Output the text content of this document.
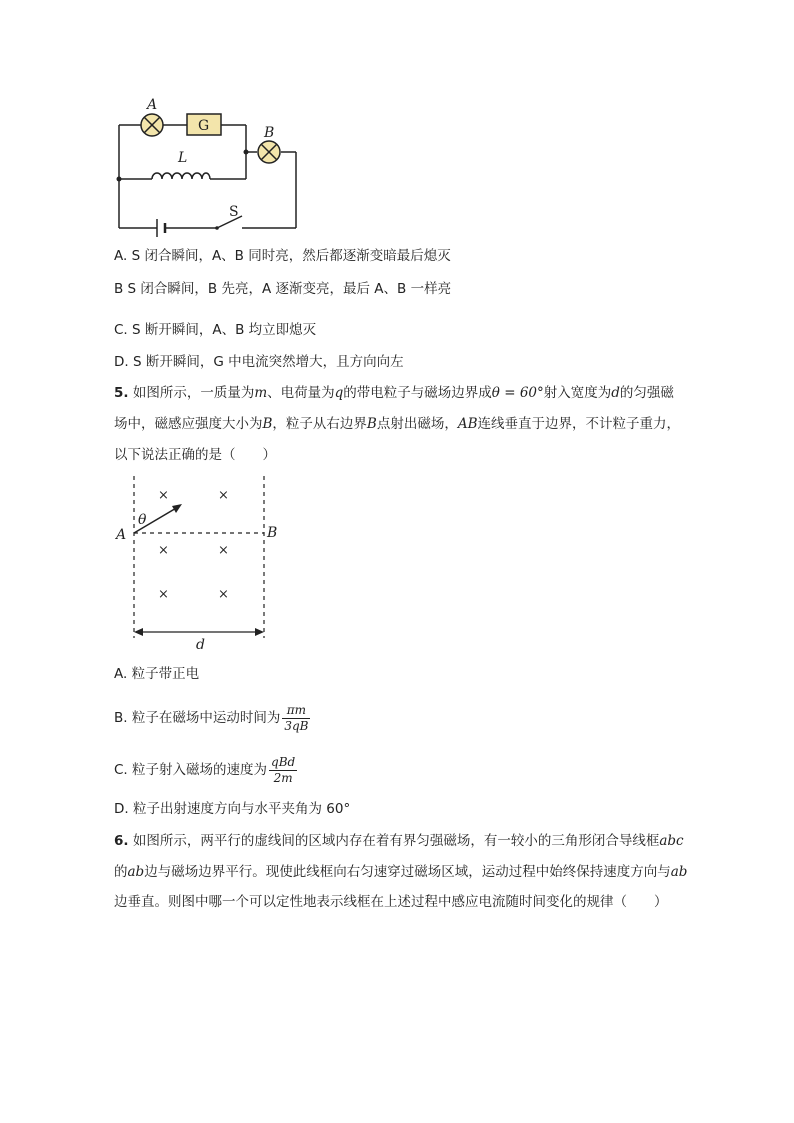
A
G	B
L
S
A. S 闭合瞬间，A、B 同时亮，然后都逐渐变暗最后熄灭
B S 闭合瞬间，B 先亮，A 逐渐变亮，最后 A、B 一样亮
C. S 断开瞬间，A、B 均立即熄灭
D. S 断开瞬间，G 中电流突然增大，且方向向左
5. 如图所示，一质量为m、电荷量为q的带电粒子与磁场边界成θ = 60°射入宽度为d的匀强磁
场中，磁感应强度大小为B，粒子从右边界B点射出磁场，AB连线垂直于边界，不计粒子重力，
以下说法正确的是（　　）
×	×
×	×
×	×
θ
A	B
d
A. 粒子带正电
B. 粒子在磁场中运动时间为 $\frac{\pi m}{3qB}$
C. 粒子射入磁场的速度为 $\frac{\text{qBd}}{2m}$
D. 粒子出射速度方向与水平夹角为 60°
6. 如图所示，两平行的虚线间的区域内存在着有界匀强磁场，有一较小的三角形闭合导线框abc
的ab边与磁场边界平行。现使此线框向右匀速穿过磁场区域，运动过程中始终保持速度方向与ab
边垂直。则图中哪一个可以定性地表示线框在上述过程中感应电流随时间变化的规律（　　）
